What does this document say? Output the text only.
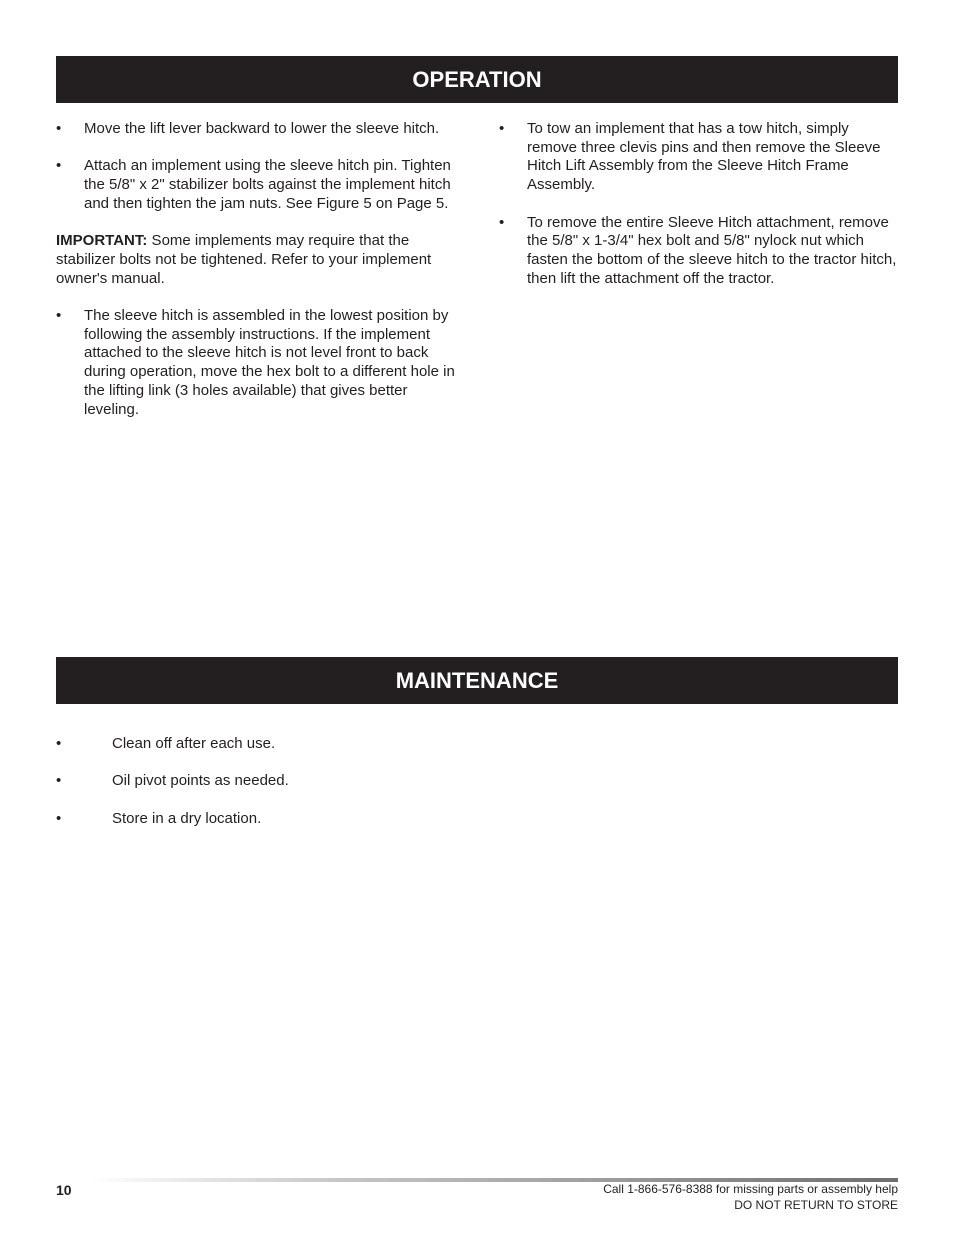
OPERATION
• Move the lift lever backward to lower the sleeve hitch.
• Attach an implement using the sleeve hitch pin. Tighten the 5/8" x 2" stabilizer bolts against the implement hitch and then tighten the jam nuts. See Figure 5 on Page 5.
IMPORTANT: Some implements may require that the stabilizer bolts not be tightened. Refer to your implement owner's manual.
• The sleeve hitch is assembled in the lowest position by following the assembly instructions. If the implement attached to the sleeve hitch is not level front to back during operation, move the hex bolt to a different hole in the lifting link (3 holes available) that gives better leveling.
• To tow an implement that has a tow hitch, simply remove three clevis pins and then remove the Sleeve Hitch Lift Assembly from the Sleeve Hitch Frame Assembly.
• To remove the entire Sleeve Hitch attachment, remove the 5/8" x 1-3/4" hex bolt and 5/8" nylock nut which fasten the bottom of the sleeve hitch to the tractor hitch, then lift the attachment off the tractor.
MAINTENANCE
•	Clean off after each use.
•	Oil pivot points as needed.
•	Store in a dry location.
10	Call 1-866-576-8388 for missing parts or assembly help
DO NOT RETURN TO STORE
